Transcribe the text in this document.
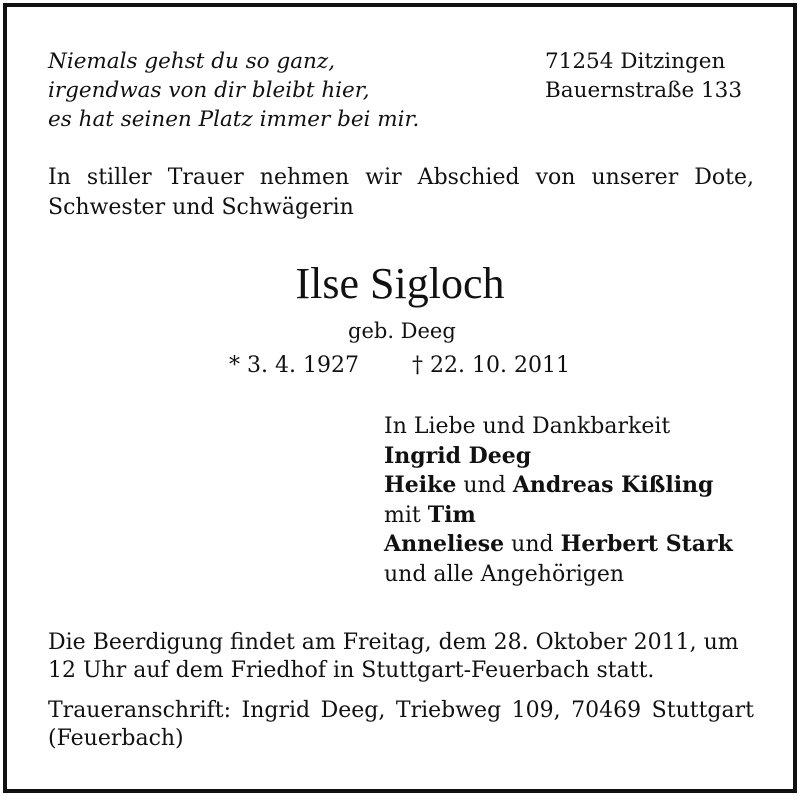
Niemals gehst du so ganz,
irgendwas von dir bleibt hier,
es hat seinen Platz immer bei mir.
71254 Ditzingen
Bauernstraße 133
In stiller Trauer nehmen wir Abschied von unserer Dote,
Schwester und Schwägerin
Ilse Sigloch
geb. Deeg
* 3. 4. 1927 † 22. 10. 2011
In Liebe und Dankbarkeit
Ingrid Deeg
Heike und Andreas Kißling
mit Tim
Anneliese und Herbert Stark
und alle Angehörigen
Die Beerdigung findet am Freitag, dem 28. Oktober 2011, um
12 Uhr auf dem Friedhof in Stuttgart-Feuerbach statt.
Traueranschrift: Ingrid Deeg, Triebweg 109, 70469 Stuttgart
(Feuerbach)
